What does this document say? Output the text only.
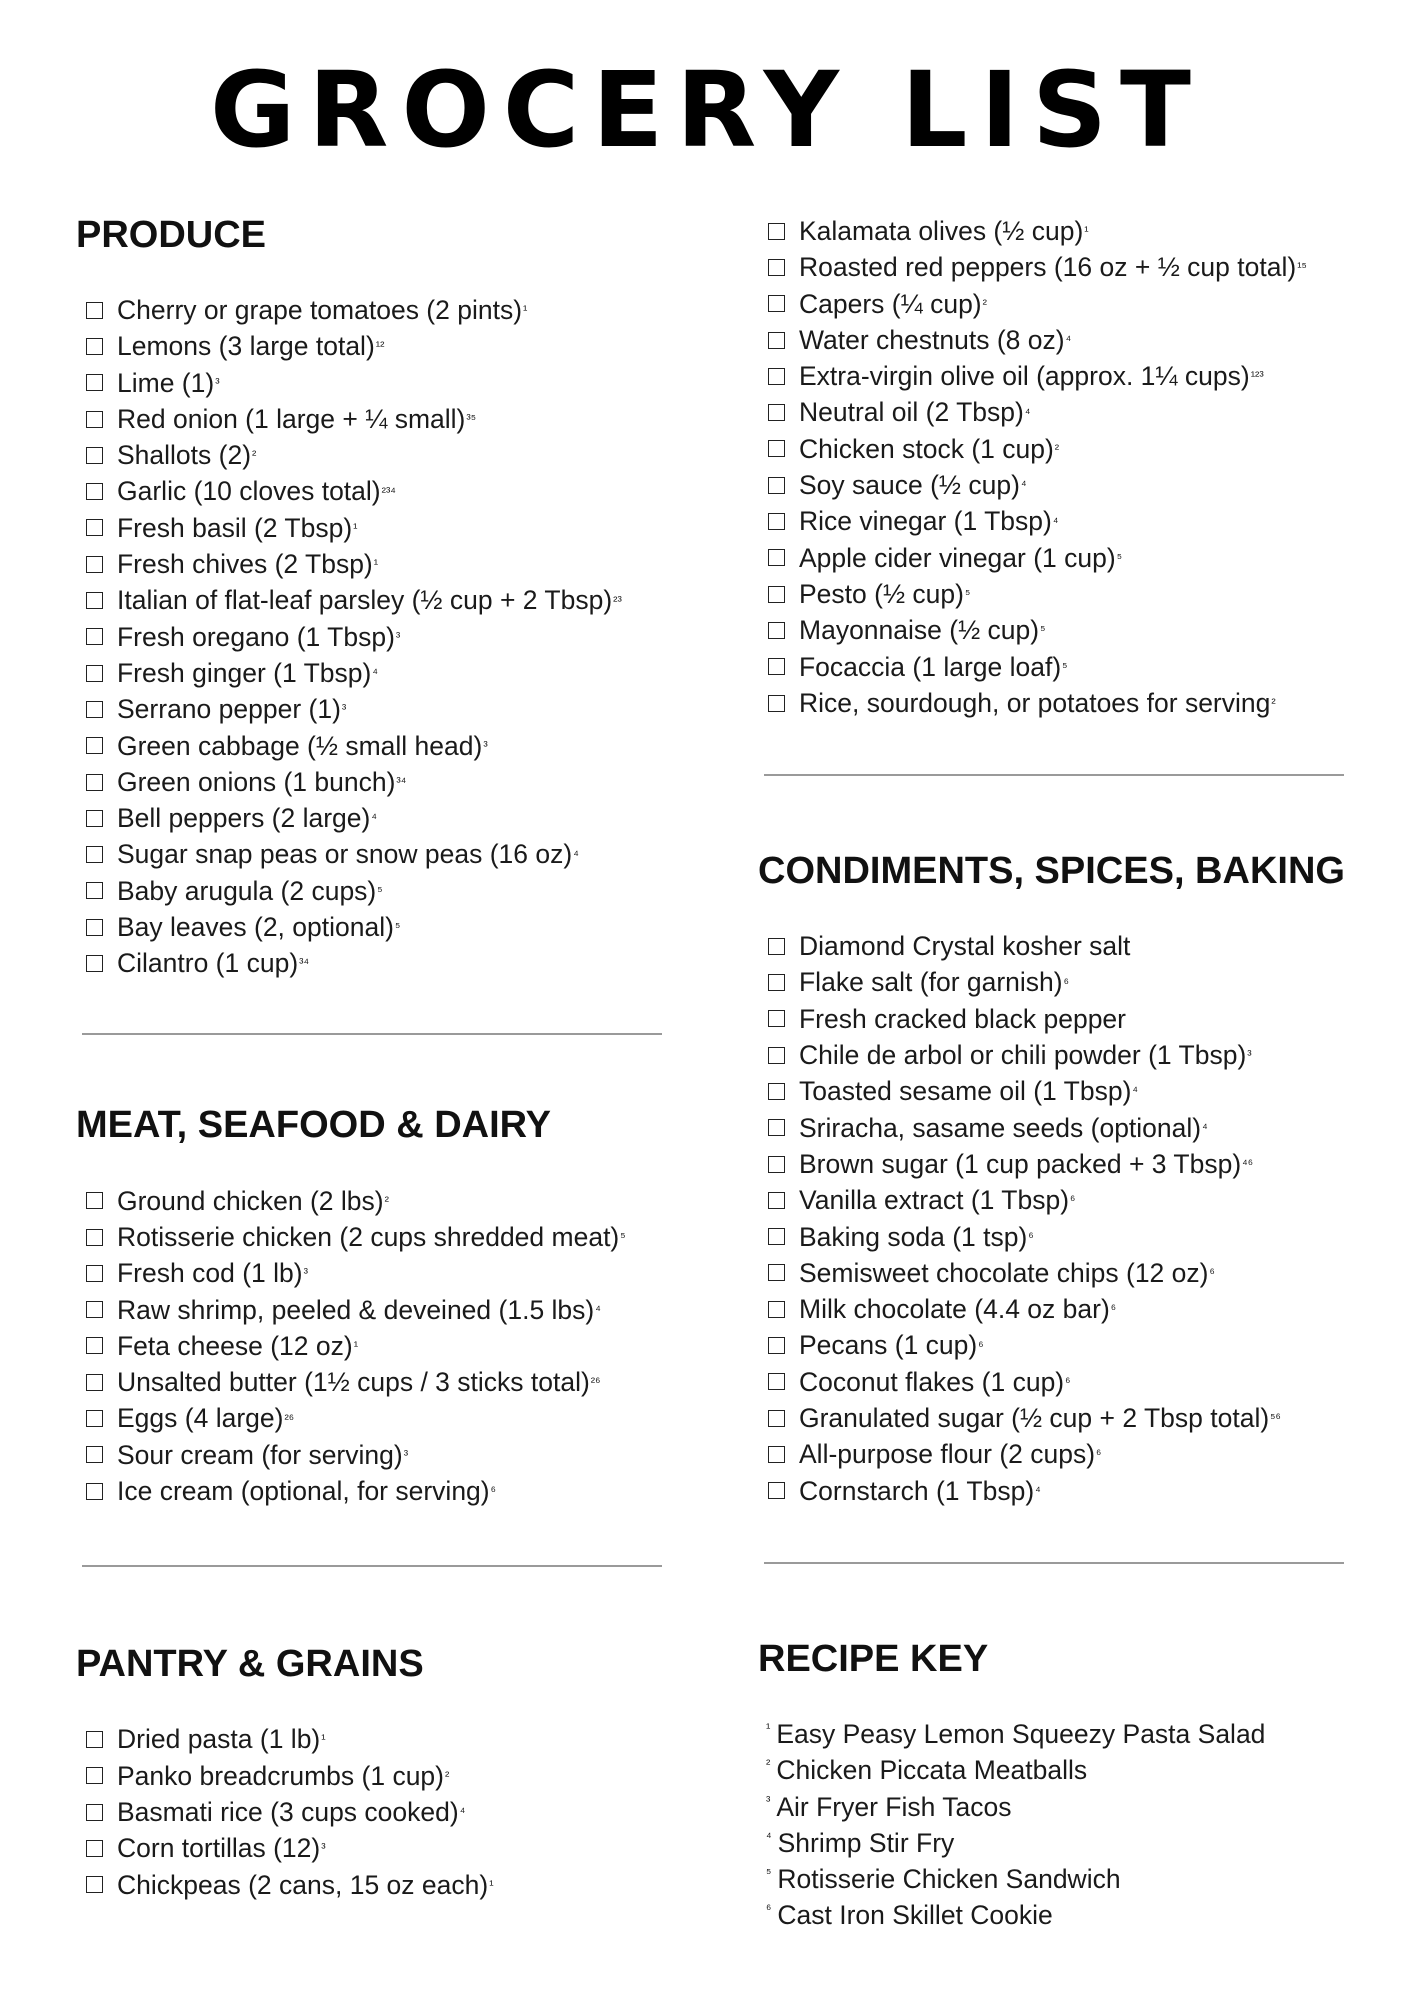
GROCERY LIST
PRODUCE
Cherry or grape tomatoes (2 pints) ¹
Lemons (3 large total) ¹²
Lime (1) ³
Red onion (1 large + ¼ small) ³⁵
Shallots (2) ²
Garlic (10 cloves total) ²³⁴
Fresh basil (2 Tbsp) ¹
Fresh chives (2 Tbsp) ¹
Italian of flat-leaf parsley (½ cup + 2 Tbsp) ²³
Fresh oregano (1 Tbsp) ³
Fresh ginger (1 Tbsp) ⁴
Serrano pepper (1) ³
Green cabbage (½ small head) ³
Green onions (1 bunch) ³⁴
Bell peppers (2 large) ⁴
Sugar snap peas or snow peas (16 oz) ⁴
Baby arugula (2 cups) ⁵
Bay leaves (2, optional) ⁵
Cilantro (1 cup) ³⁴
MEAT, SEAFOOD & DAIRY
Ground chicken (2 lbs) ²
Rotisserie chicken (2 cups shredded meat) ⁵
Fresh cod (1 lb) ³
Raw shrimp, peeled & deveined (1.5 lbs) ⁴
Feta cheese (12 oz) ¹
Unsalted butter (1½ cups / 3 sticks total) ²⁶
Eggs (4 large) ²⁶
Sour cream (for serving) ³
Ice cream (optional, for serving) ⁶
PANTRY & GRAINS
Dried pasta (1 lb) ¹
Panko breadcrumbs (1 cup) ²
Basmati rice (3 cups cooked) ⁴
Corn tortillas (12) ³
Chickpeas (2 cans, 15 oz each) ¹
Kalamata olives (½ cup) ¹
Roasted red peppers (16 oz + ½ cup total) ¹⁵
Capers (¼ cup) ²
Water chestnuts (8 oz) ⁴
Extra-virgin olive oil (approx. 1¼ cups) ¹²³
Neutral oil (2 Tbsp) ⁴
Chicken stock (1 cup) ²
Soy sauce (½ cup) ⁴
Rice vinegar (1 Tbsp) ⁴
Apple cider vinegar (1 cup) ⁵
Pesto (½ cup) ⁵
Mayonnaise (½ cup) ⁵
Focaccia (1 large loaf) ⁵
Rice, sourdough, or potatoes for serving ²
CONDIMENTS, SPICES, BAKING
Diamond Crystal kosher salt
Flake salt (for garnish) ⁶
Fresh cracked black pepper
Chile de arbol or chili powder (1 Tbsp) ³
Toasted sesame oil (1 Tbsp) ⁴
Sriracha, sasame seeds (optional) ⁴
Brown sugar (1 cup packed + 3 Tbsp) ⁴⁶
Vanilla extract (1 Tbsp) ⁶
Baking soda (1 tsp) ⁶
Semisweet chocolate chips (12 oz) ⁶
Milk chocolate (4.4 oz bar) ⁶
Pecans (1 cup) ⁶
Coconut flakes (1 cup) ⁶
Granulated sugar (½ cup + 2 Tbsp total) ⁵⁶
All-purpose flour (2 cups) ⁶
Cornstarch (1 Tbsp) ⁴
RECIPE KEY
$^{^1}$ Easy Peasy Lemon Squeezy Pasta Salad
$^{^2}$ Chicken Piccata Meatballs
$^{^3}$ Air Fryer Fish Tacos
$^{^4}$ Shrimp Stir Fry
$^{^5}$ Rotisserie Chicken Sandwich
$^{^6}$ Cast Iron Skillet Cookie
